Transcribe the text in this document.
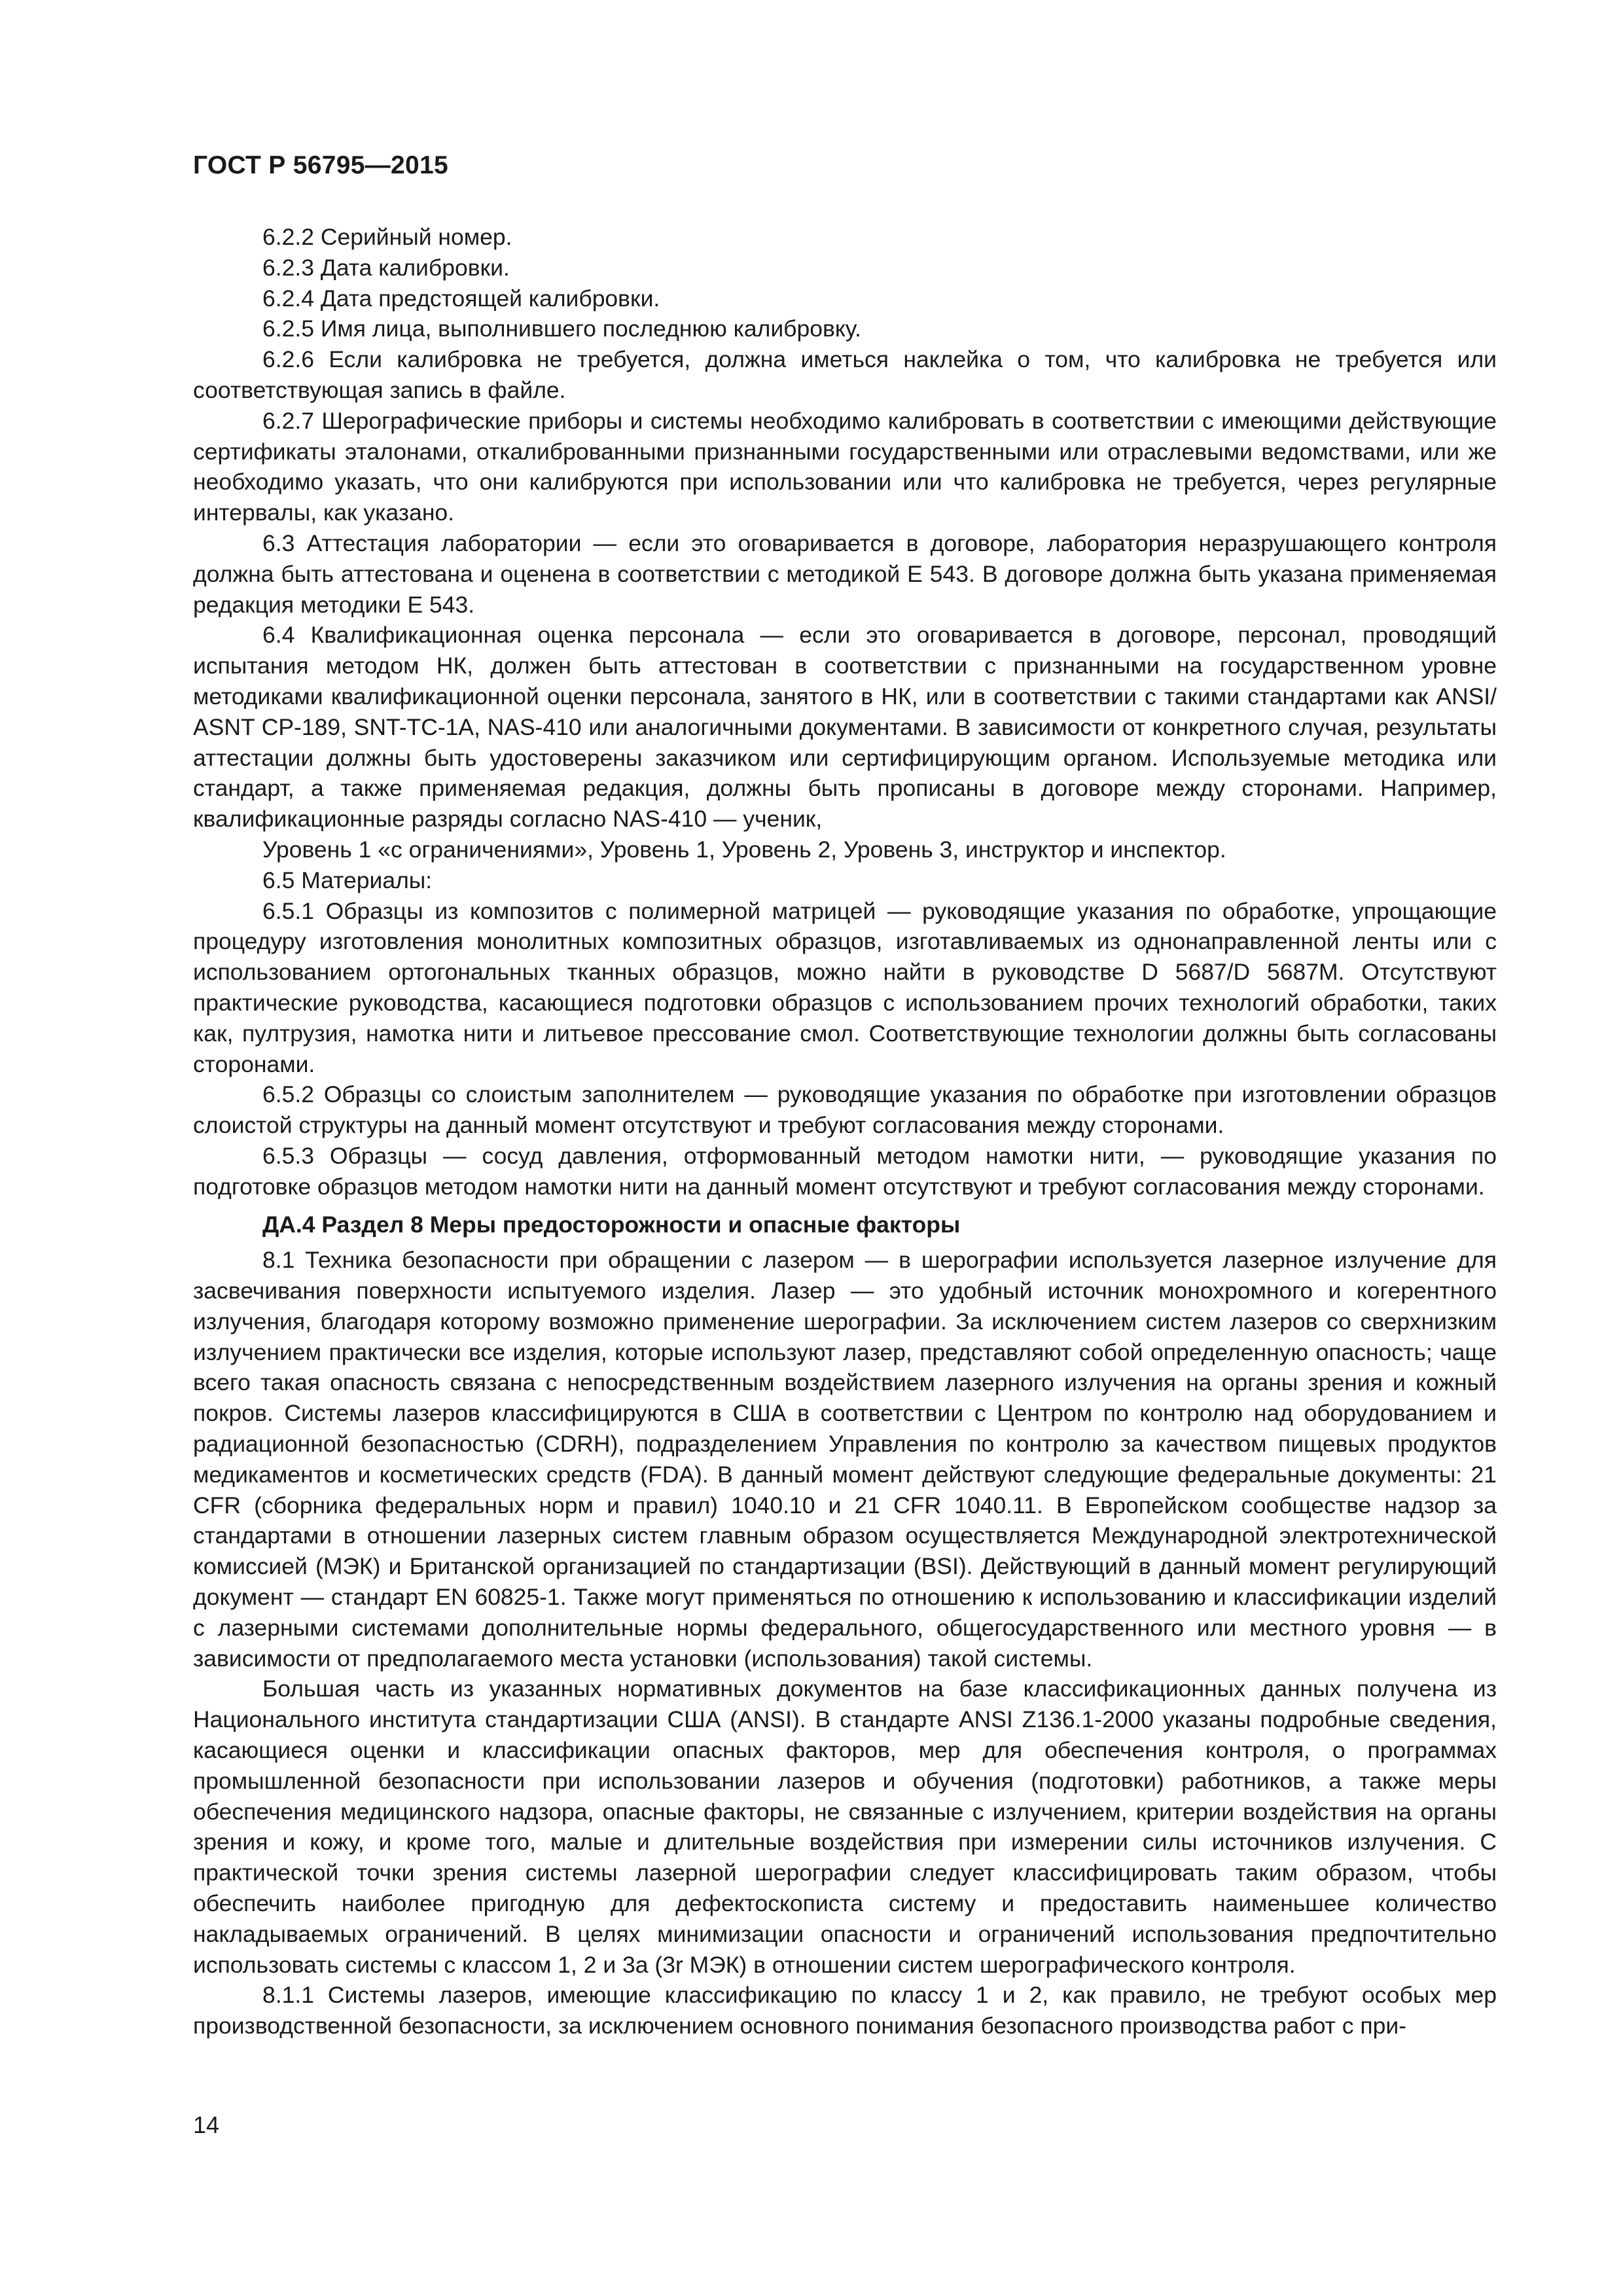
ГОСТ Р 56795—2015

6.2.2 Серийный номер.

6.2.3 Дата калибровки.

6.2.4 Дата предстоящей калибровки.

6.2.5 Имя лица, выполнившего последнюю калибровку.

6.2.6 Если калибровка не требуется, должна иметься наклейка о том, что калибровка не требуется или соответствующая запись в файле.

6.2.7 Шерографические приборы и системы необходимо калибровать в соответствии с имеющими действующие сертификаты эталонами, откалиброванными признанными государственными или отраслевыми ведомствами, или же необходимо указать, что они калибруются при использовании или что калибровка не требуется, через регулярные интервалы, как указано.

6.3 Аттестация лаборатории — если это оговаривается в договоре, лаборатория неразрушающего контроля должна быть аттестована и оценена в соответствии с методикой Е 543. В договоре должна быть указана применяемая редакция методики Е 543.

6.4 Квалификационная оценка персонала — если это оговаривается в договоре, персонал, проводящий испытания методом НК, должен быть аттестован в соответствии с признанными на государственном уровне методиками квалификационной оценки персонала, занятого в НК, или в соответствии с такими стандартами как ANSI/ ASNT CP-189, SNT-TC-1A, NAS-410 или аналогичными документами. В зависимости от конкретного случая, результаты аттестации должны быть удостоверены заказчиком или сертифицирующим органом. Используемые методика или стандарт, а также применяемая редакция, должны быть прописаны в договоре между сторонами. Например, квалификационные разряды согласно NAS-410 — ученик,

Уровень 1 «с ограничениями», Уровень 1, Уровень 2, Уровень 3, инструктор и инспектор.

6.5 Материалы:

6.5.1 Образцы из композитов с полимерной матрицей — руководящие указания по обработке, упрощающие процедуру изготовления монолитных композитных образцов, изготавливаемых из однонаправленной ленты или с использованием ортогональных тканных образцов, можно найти в руководстве D 5687/D 5687M. Отсутствуют практические руководства, касающиеся подготовки образцов с использованием прочих технологий обработки, таких как, пултрузия, намотка нити и литьевое прессование смол. Соответствующие технологии должны быть согласованы сторонами.

6.5.2 Образцы со слоистым заполнителем — руководящие указания по обработке при изготовлении образцов слоистой структуры на данный момент отсутствуют и требуют согласования между сторонами.

6.5.3 Образцы — сосуд давления, отформованный методом намотки нити, — руководящие указания по подготовке образцов методом намотки нити на данный момент отсутствуют и требуют согласования между сторонами.

ДА.4 Раздел 8 Меры предосторожности и опасные факторы

8.1 Техника безопасности при обращении с лазером — в шерографии используется лазерное излучение для засвечивания поверхности испытуемого изделия. Лазер — это удобный источник монохромного и когерентного излучения, благодаря которому возможно применение шерографии. За исключением систем лазеров со сверхнизким излучением практически все изделия, которые используют лазер, представляют собой определенную опасность; чаще всего такая опасность связана с непосредственным воздействием лазерного излучения на органы зрения и кожный покров. Системы лазеров классифицируются в США в соответствии с Центром по контролю над оборудованием и радиационной безопасностью (CDRH), подразделением Управления по контролю за качеством пищевых продуктов медикаментов и косметических средств (FDA). В данный момент действуют следующие федеральные документы: 21 CFR (сборника федеральных норм и правил) 1040.10 и 21 CFR 1040.11. В Европейском сообществе надзор за стандартами в отношении лазерных систем главным образом осуществляется Международной электротехнической комиссией (МЭК) и Британской организацией по стандартизации (BSI). Действующий в данный момент регулирующий документ — стандарт EN 60825-1. Также могут применяться по отношению к использованию и классификации изделий с лазерными системами дополнительные нормы федерального, общегосударственного или местного уровня — в зависимости от предполагаемого места установки (использования) такой системы.

Большая часть из указанных нормативных документов на базе классификационных данных получена из Национального института стандартизации США (ANSI). В стандарте ANSI Z136.1-2000 указаны подробные сведения, касающиеся оценки и классификации опасных факторов, мер для обеспечения контроля, о программах промышленной безопасности при использовании лазеров и обучения (подготовки) работников, а также меры обеспечения медицинского надзора, опасные факторы, не связанные с излучением, критерии воздействия на органы зрения и кожу, и кроме того, малые и длительные воздействия при измерении силы источников излучения. С практической точки зрения системы лазерной шерографии следует классифицировать таким образом, чтобы обеспечить наиболее пригодную для дефектоскописта систему и предоставить наименьшее количество накладываемых ограничений. В целях минимизации опасности и ограничений использования предпочтительно использовать системы с классом 1, 2 и 3а (3r МЭК) в отношении систем шерографического контроля.

8.1.1 Системы лазеров, имеющие классификацию по классу 1 и 2, как правило, не требуют особых мер производственной безопасности, за исключением основного понимания безопасного производства работ с при-

14
